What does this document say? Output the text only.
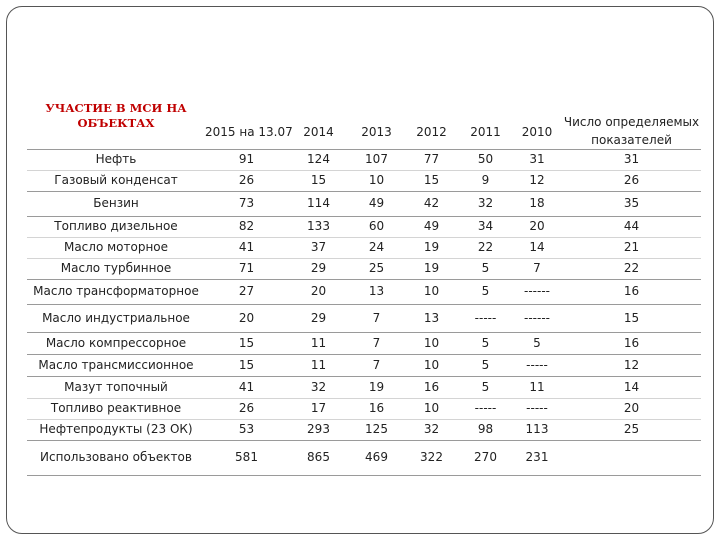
УЧАСТИЕ В МСИ НА ОБЪЕКТАХ	2015 на 13.07	2014	2013	2012	2011	2010	Число определяемых показателей
Нефть	91	124	107	77	50	31	31
Газовый конденсат	26	15	10	15	9	12	26
Бензин	73	114	49	42	32	18	35
Топливо дизельное	82	133	60	49	34	20	44
Масло моторное	41	37	24	19	22	14	21
Масло турбинное	71	29	25	19	5	7	22
Масло трансформаторное	27	20	13	10	5	------	16
Масло индустриальное	20	29	7	13	-----	------	15
Масло компрессорное	15	11	7	10	5	5	16
Масло трансмиссионное	15	11	7	10	5	-----	12
Мазут топочный	41	32	19	16	5	11	14
Топливо реактивное	26	17	16	10	-----	-----	20
Нефтепродукты (23 ОК)	53	293	125	32	98	113	25
Использовано объектов	581	865	469	322	270	231	
